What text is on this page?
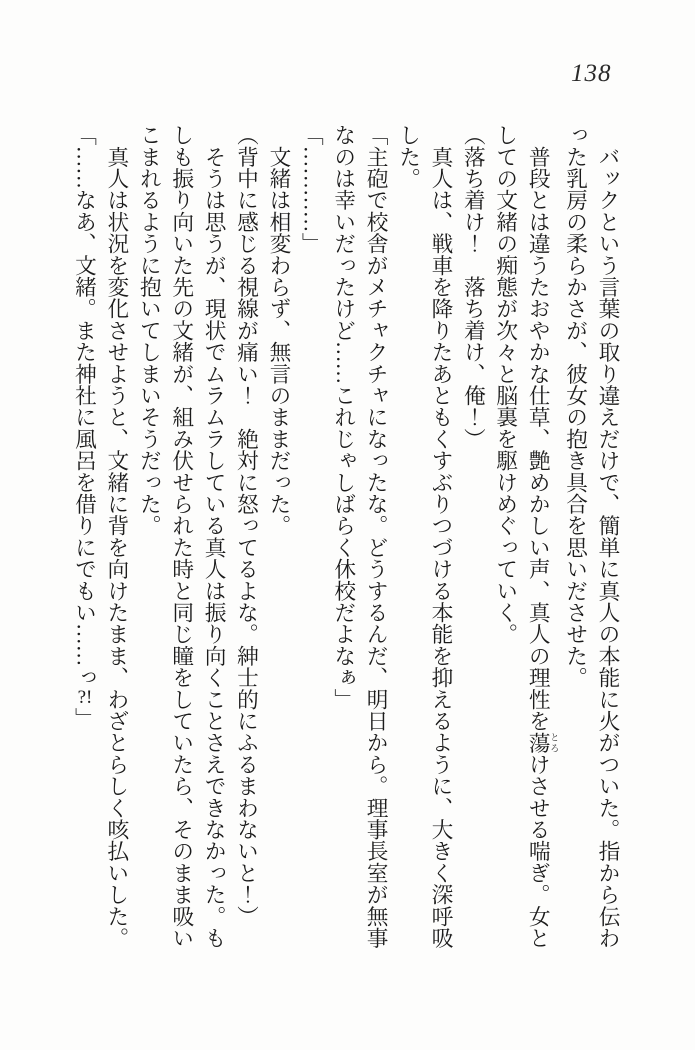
138
　バックという言葉の取り違えだけで、簡単に真人の本能に火がついた。指から伝わ
った乳房の柔らかさが、彼女の抱き具合を思いださせた。
　普段とは違うたおやかな仕草、艶めかしい声、真人の理性を蕩 とろけさせる喘ぎ。女と
しての文緒の痴態が次々と脳裏を駆けめぐっていく。
（落ち着け！　落ち着け、俺！）
　真人は、戦車を降りたあともくすぶりつづける本能を抑えるように、大きく深呼吸
した。
「主砲で校舎がメチャクチャになったな。どうするんだ、明日から。理事長室が無事
なのは幸いだったけど……これじゃしばらく休校だよなぁ」
「…………」
　文緒は相変わらず、無言のままだった。
（背中に感じる視線が痛い！　絶対に怒ってるよな。紳士的にふるまわないと！）
　そうは思うが、現状でムラムラしている真人は振り向くことさえできなかった。も
しも振り向いた先の文緒が、組み伏せられた時と同じ瞳をしていたら、そのまま吸い
こまれるように抱いてしまいそうだった。
　真人は状況を変化させようと、文緒に背を向けたまま、わざとらしく咳払いした。
「……なあ、文緒。また神社に風呂を借りにでもい……っ?!」
